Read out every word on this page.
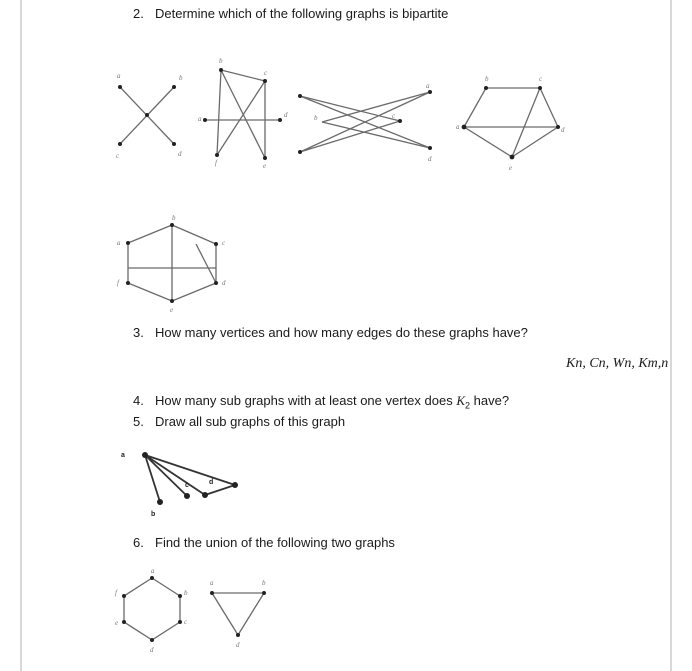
2. Determine which of the following graphs is bipartite
a	b
c	d
a
b
c
d
e
f
a
b	c
d
a
b	c
d
e
a
b
c
d
e
f
3. How many vertices and how many edges do these graphs have?
Kn, Cn, Wn, Km,n
4. How many sub graphs with at least one vertex does $K_2$ have?
5. Draw all sub graphs of this graph
a
b
c	d
6. Find the union of the following two graphs
a
b
c
d
e
f
a	b
d
